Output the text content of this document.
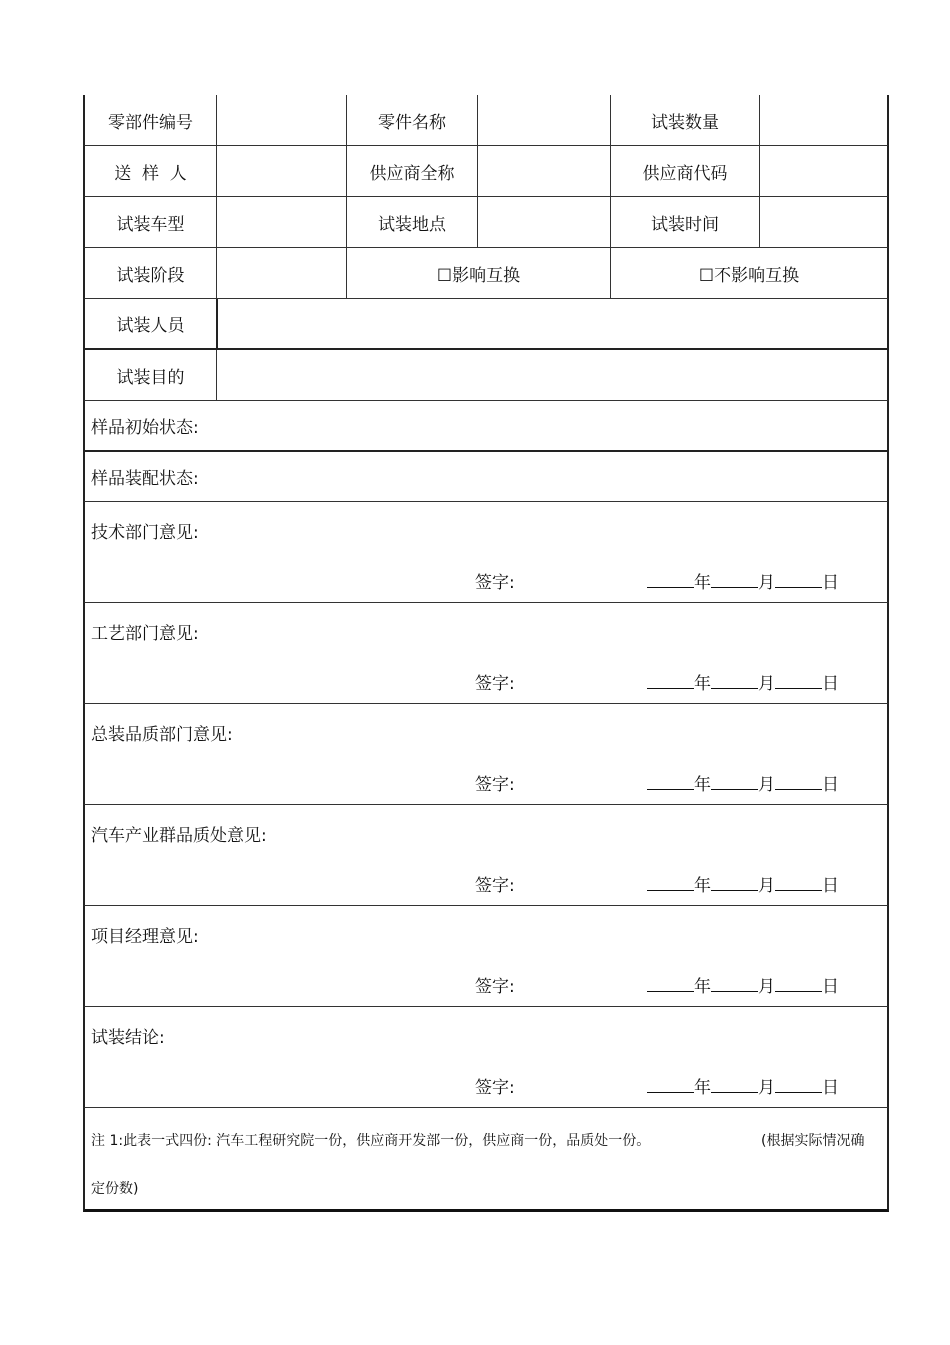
零部件编号	零件名称	试装数量
送  样  人	供应商全称	供应商代码
试装车型	试装地点	试装时间
试装阶段	☐影响互换	☐不影响互换
试装人员
试装目的
样品初始状态:
样品装配状态:
技术部门意见:
签字:	年	月	日
工艺部门意见:
签字:	年	月	日
总装品质部门意见:
签字:	年	月	日
汽车产业群品质处意见:
签字:	年	月	日
项目经理意见:
签字:	年	月	日
试装结论:
签字:	年	月	日
注 1:此表一式四份: 汽车工程研究院一份，供应商开发部一份，供应商一份，品质处一份。	(根据实际情况确
定份数)
